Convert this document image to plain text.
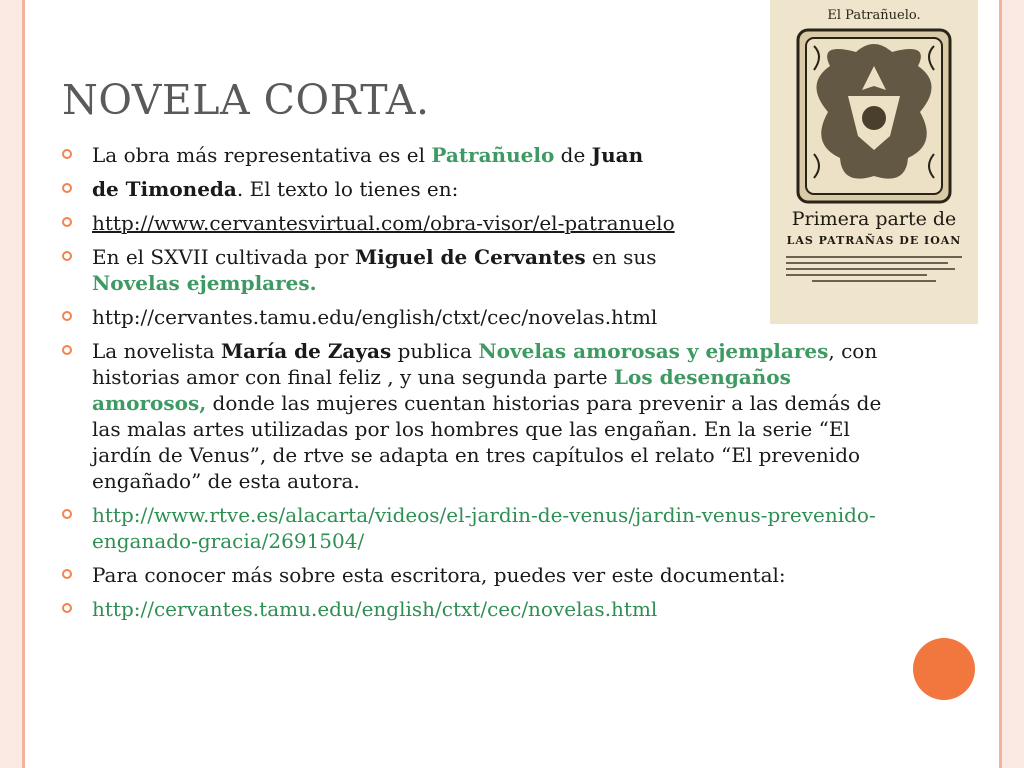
NOVELA CORTA.
La obra más representativa es el Patrañuelo de Juan
de Timoneda. El texto lo tienes en:
http://www.cervantesvirtual.com/obra-visor/el-patranuelo
En el SXVII cultivada por Miguel de Cervantes en sus
Novelas ejemplares.
http://cervantes.tamu.edu/english/ctxt/cec/novelas.html
La novelista María de Zayas publica Novelas amorosas y ejemplares, con historias amor con final feliz , y una segunda parte Los desengaños amorosos, donde las mujeres cuentan historias para prevenir a las demás de las malas artes utilizadas por los hombres que las engañan. En la serie “El jardín de Venus”, de rtve se adapta en tres capítulos el relato “El prevenido engañado” de esta autora.
http://www.rtve.es/alacarta/videos/el-jardin-de-venus/jardin-venus-prevenido-enganado-gracia/2691504/
Para conocer más sobre esta escritora, puedes ver este documental:
http://cervantes.tamu.edu/english/ctxt/cec/novelas.html
El Patrañuelo.
Primera parte de
LAS PATRAÑAS DE IOAN
